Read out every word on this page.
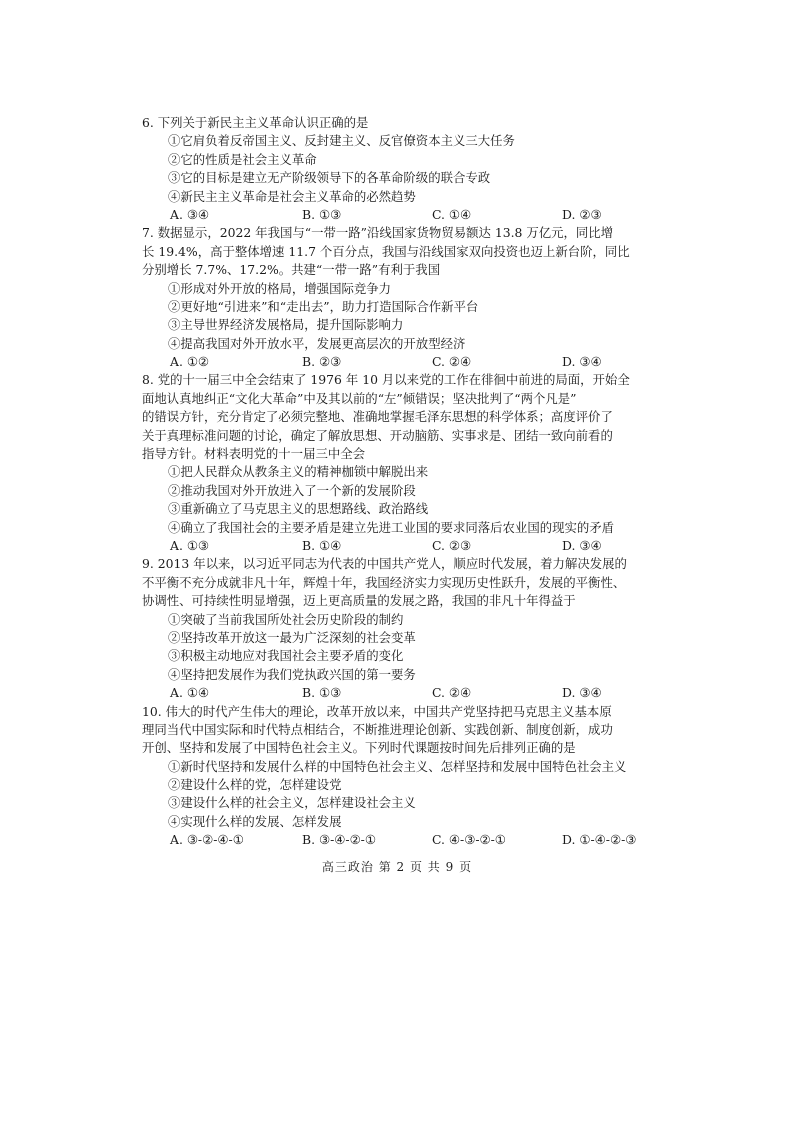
6. 下列关于新民主主义革命认识正确的是
①它肩负着反帝国主义、反封建主义、反官僚资本主义三大任务
②它的性质是社会主义革命
③它的目标是建立无产阶级领导下的各革命阶级的联合专政
④新民主主义革命是社会主义革命的必然趋势
A. ③④	B. ①③	C. ①④	D. ②③
7. 数据显示，2022 年我国与“一带一路”沿线国家货物贸易额达 13.8 万亿元，同比增
长 19.4%，高于整体增速 11.7 个百分点，我国与沿线国家双向投资也迈上新台阶，同比
分别增长 7.7%、17.2%。共建“一带一路”有利于我国
①形成对外开放的格局，增强国际竞争力
②更好地“引进来”和“走出去”，助力打造国际合作新平台
③主导世界经济发展格局，提升国际影响力
④提高我国对外开放水平，发展更高层次的开放型经济
A. ①②	B. ②③	C. ②④	D. ③④
8. 党的十一届三中全会结束了 1976 年 10 月以来党的工作在徘徊中前进的局面，开始全
面地认真地纠正“文化大革命”中及其以前的“左”倾错误；坚决批判了“两个凡是”
的错误方针，充分肯定了必须完整地、准确地掌握毛泽东思想的科学体系；高度评价了
关于真理标准问题的讨论，确定了解放思想、开动脑筋、实事求是、团结一致向前看的
指导方针。材料表明党的十一届三中全会
①把人民群众从教条主义的精神枷锁中解脱出来
②推动我国对外开放进入了一个新的发展阶段
③重新确立了马克思主义的思想路线、政治路线
④确立了我国社会的主要矛盾是建立先进工业国的要求同落后农业国的现实的矛盾
A. ①③	B. ①④	C. ②③	D. ③④
9. 2013 年以来，以习近平同志为代表的中国共产党人，顺应时代发展，着力解决发展的
不平衡不充分成就非凡十年，辉煌十年，我国经济实力实现历史性跃升，发展的平衡性、
协调性、可持续性明显增强，迈上更高质量的发展之路，我国的非凡十年得益于
①突破了当前我国所处社会历史阶段的制约
②坚持改革开放这一最为广泛深刻的社会变革
③积极主动地应对我国社会主要矛盾的变化
④坚持把发展作为我们党执政兴国的第一要务
A. ①④	B. ①③	C. ②④	D. ③④
10. 伟大的时代产生伟大的理论，改革开放以来，中国共产党坚持把马克思主义基本原
理同当代中国实际和时代特点相结合，不断推进理论创新、实践创新、制度创新，成功
开创、坚持和发展了中国特色社会主义。下列时代课题按时间先后排列正确的是
①新时代坚持和发展什么样的中国特色社会主义、怎样坚持和发展中国特色社会主义
②建设什么样的党，怎样建设党
③建设什么样的社会主义，怎样建设社会主义
④实现什么样的发展、怎样发展
A. ③-②-④-①	B. ③-④-②-①	C. ④-③-②-①	D. ①-④-②-③
高三政治 第 2 页 共 9 页
